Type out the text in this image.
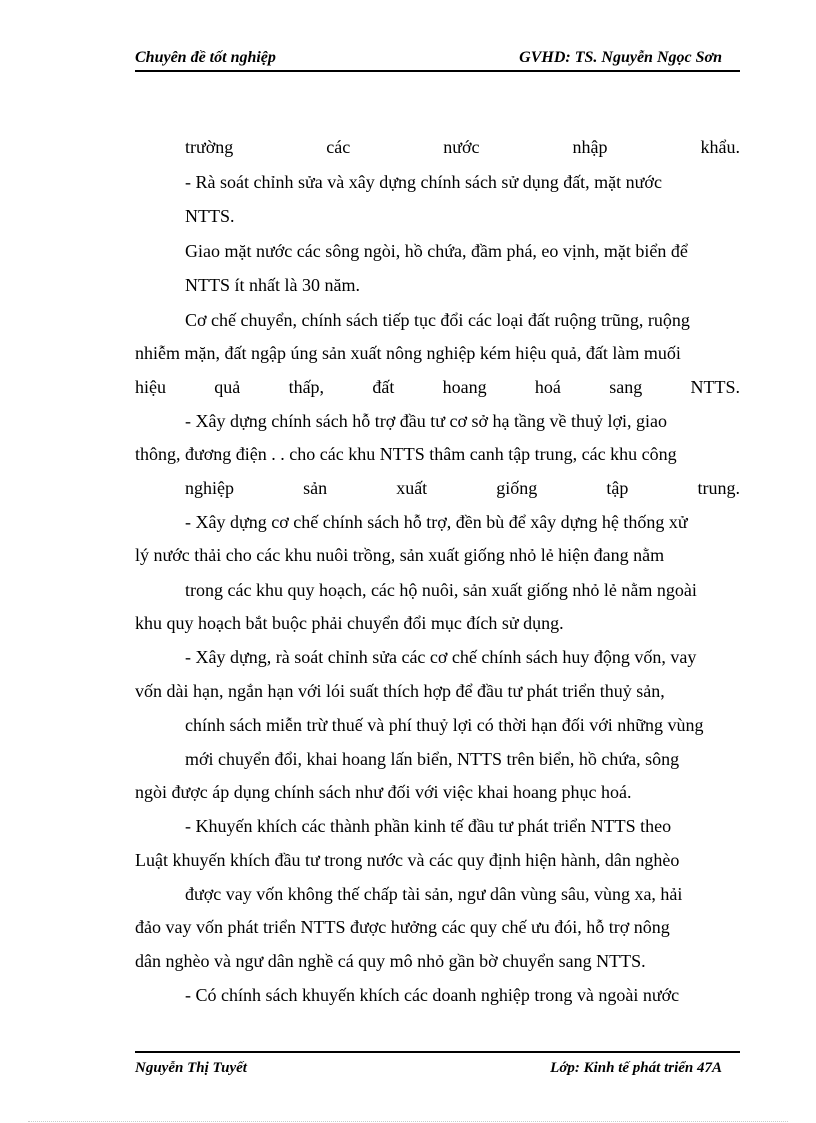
Chuyên đề tốt nghiệp	GVHD: TS. Nguyễn Ngọc Sơn
trường các nước nhập khẩu.
- Rà soát chỉnh sửa và xây dựng chính sách sử dụng đất, mặt nước
NTTS.
Giao mặt nước các sông ngòi, hồ chứa, đầm phá, eo vịnh, mặt biển để
NTTS ít nhất là 30 năm.
Cơ chế chuyển, chính sách tiếp tục đổi các loại đất ruộng trũng, ruộng
nhiễm mặn, đất ngập úng sản xuất nông nghiệp kém hiệu quả, đất làm muối
hiệu quả thấp, đất hoang hoá sang NTTS.
- Xây dựng chính sách hỗ trợ đầu tư cơ sở hạ tầng về thuỷ lợi, giao
thông, đương điện . . cho các khu NTTS thâm canh tập trung, các khu công
nghiệp sản xuất giống tập trung.
- Xây dựng cơ chế chính sách hỗ trợ, đền bù để xây dựng hệ thống xử
lý nước thải cho các khu nuôi trồng, sản xuất giống nhỏ lẻ hiện đang nằm
trong các khu quy hoạch, các hộ nuôi, sản xuất giống nhỏ lẻ nằm ngoài
khu quy hoạch bắt buộc phải chuyển đổi mục đích sử dụng.
- Xây dựng, rà soát chỉnh sửa các cơ chế chính sách huy động vốn, vay
vốn dài hạn, ngắn hạn với lói suất thích hợp để đầu tư phát triển thuỷ sản,
chính sách miễn trừ thuế và phí thuỷ lợi có thời hạn đối với những vùng
mới chuyển đổi, khai hoang lấn biển, NTTS trên biển, hồ chứa, sông
ngòi được áp dụng chính sách như đối với việc khai hoang phục hoá.
- Khuyến khích các thành phần kinh tế đầu tư phát triển NTTS theo
Luật khuyến khích đầu tư trong nước và các quy định hiện hành, dân nghèo
được vay vốn không thế chấp tài sản, ngư dân vùng sâu, vùng xa, hải
đảo vay vốn phát triển NTTS được hưởng các quy chế ưu đói, hỗ trợ nông
dân nghèo và ngư dân nghề cá quy mô nhỏ gần bờ chuyển sang NTTS.
- Có chính sách khuyến khích các doanh nghiệp trong và ngoài nước
Nguyễn Thị Tuyết	Lớp: Kinh tế phát triển 47A
